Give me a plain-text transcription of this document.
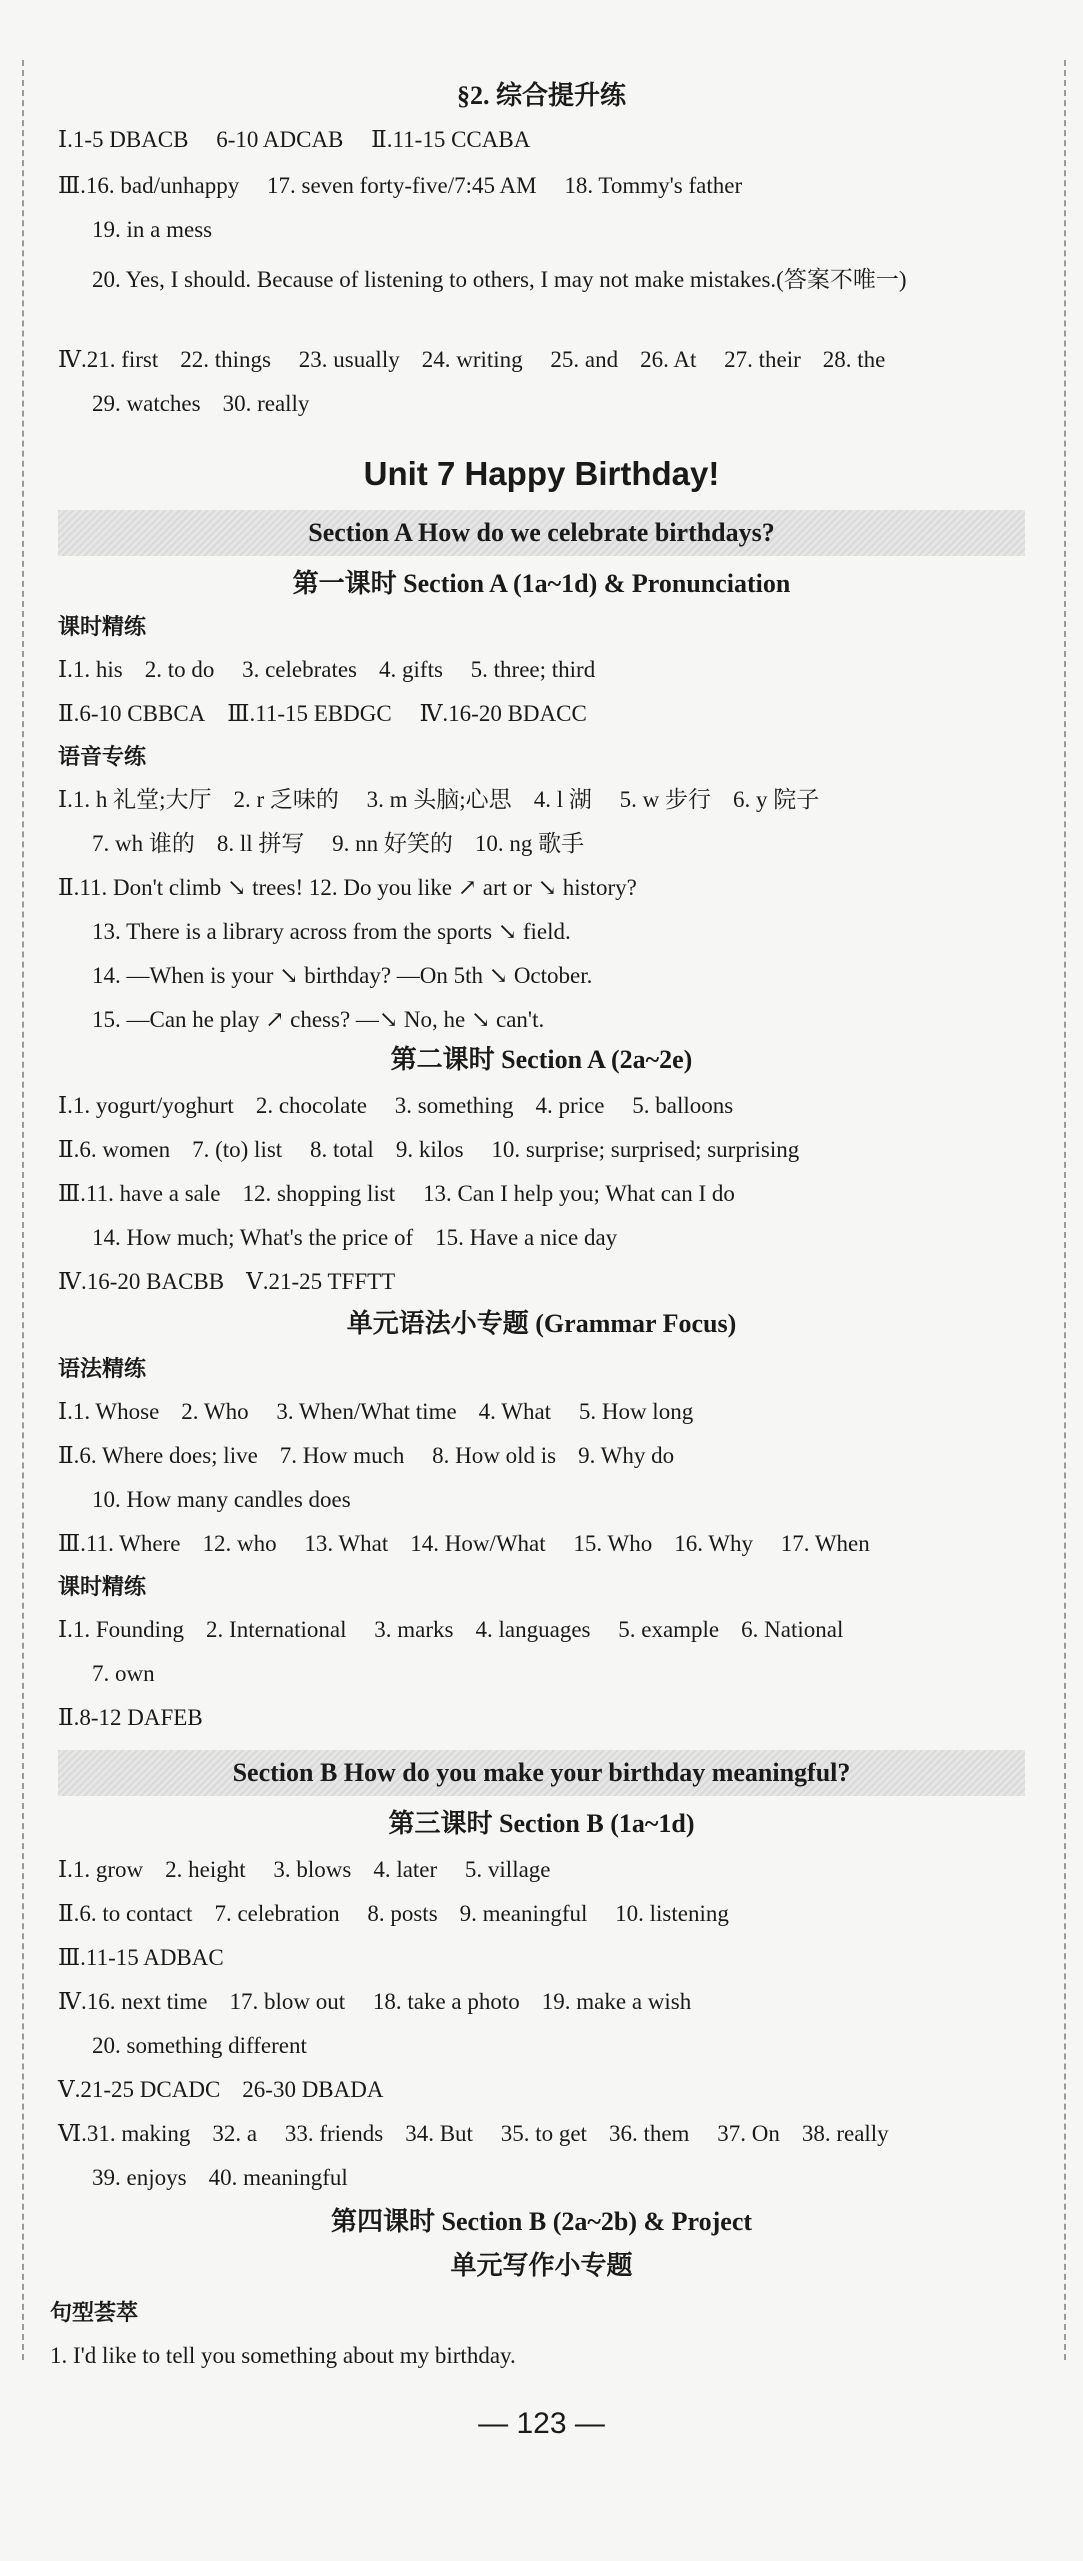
§2. 综合提升练
Ⅰ.1-5 DBACB 6-10 ADCAB Ⅱ.11-15 CCABA
Ⅲ.16. bad/unhappy 17. seven forty-five/7:45 AM 18. Tommy's father
19. in a mess
20. Yes, I should. Because of listening to others, I may not make mistakes.(答案不唯一)
Ⅳ.21. first 22. things 23. usually 24. writing 25. and 26. At 27. their 28. the
29. watches 30. really
Unit 7 Happy Birthday!
Section A How do we celebrate birthdays?
第一课时 Section A (1a~1d) & Pronunciation
课时精练
Ⅰ.1. his 2. to do 3. celebrates 4. gifts 5. three; third
Ⅱ.6-10 CBBCA Ⅲ.11-15 EBDGC Ⅳ.16-20 BDACC
语音专练
Ⅰ.1. h 礼堂;大厅 2. r 乏味的 3. m 头脑;心思 4. l 湖 5. w 步行 6. y 院子
7. wh 谁的 8. ll 拼写 9. nn 好笑的 10. ng 歌手
Ⅱ.11. Don't climb ↘ trees! 12. Do you like ↗ art or ↘ history?
13. There is a library across from the sports ↘ field.
14. —When is your ↘ birthday? —On 5th ↘ October.
15. —Can he play ↗ chess? —↘ No, he ↘ can't.
第二课时 Section A (2a~2e)
Ⅰ.1. yogurt/yoghurt 2. chocolate 3. something 4. price 5. balloons
Ⅱ.6. women 7. (to) list 8. total 9. kilos 10. surprise; surprised; surprising
Ⅲ.11. have a sale 12. shopping list 13. Can I help you; What can I do
14. How much; What's the price of 15. Have a nice day
Ⅳ.16-20 BACBB Ⅴ.21-25 TFFTT
单元语法小专题 (Grammar Focus)
语法精练
Ⅰ.1. Whose 2. Who 3. When/What time 4. What 5. How long
Ⅱ.6. Where does; live 7. How much 8. How old is 9. Why do
10. How many candles does
Ⅲ.11. Where 12. who 13. What 14. How/What 15. Who 16. Why 17. When
课时精练
Ⅰ.1. Founding 2. International 3. marks 4. languages 5. example 6. National
7. own
Ⅱ.8-12 DAFEB
Section B How do you make your birthday meaningful?
第三课时 Section B (1a~1d)
Ⅰ.1. grow 2. height 3. blows 4. later 5. village
Ⅱ.6. to contact 7. celebration 8. posts 9. meaningful 10. listening
Ⅲ.11-15 ADBAC
Ⅳ.16. next time 17. blow out 18. take a photo 19. make a wish
20. something different
Ⅴ.21-25 DCADC 26-30 DBADA
Ⅵ.31. making 32. a 33. friends 34. But 35. to get 36. them 37. On 38. really
39. enjoys 40. meaningful
第四课时 Section B (2a~2b) & Project
单元写作小专题
句型荟萃
1. I'd like to tell you something about my birthday.
— 123 —
